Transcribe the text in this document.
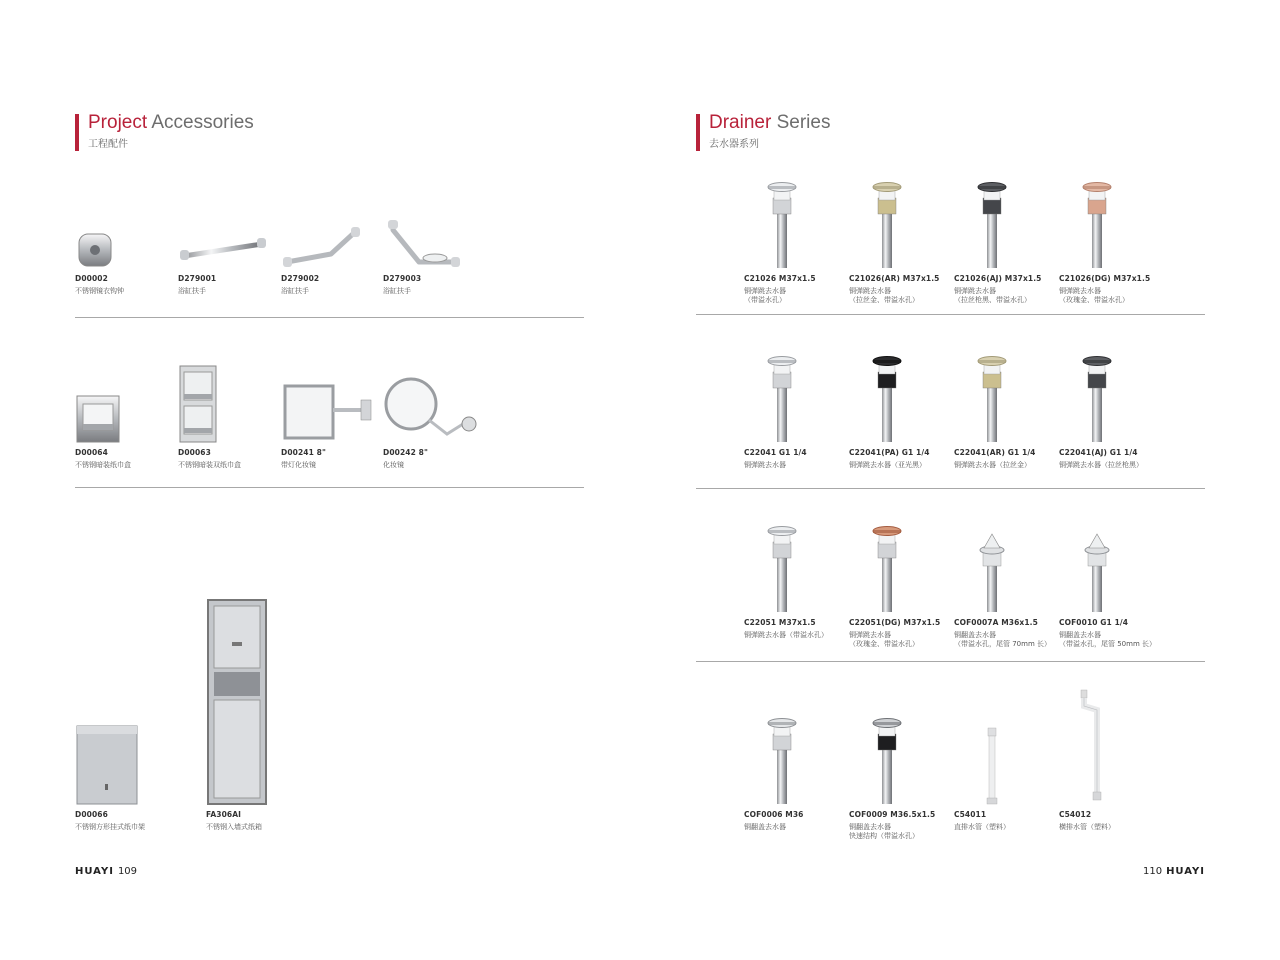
Project Accessories
工程配件
D00002
不锈钢镜衣钩钟
D279001
浴缸扶手
D279002
浴缸扶手
D279003
浴缸扶手
D00064
不锈钢暗装纸巾盒
D00063
不锈钢暗装双纸巾盒
D00241 8"
带灯化妆镜
D00242 8"
化妆镜
D00066
不锈钢方形挂式纸巾架
FA306AI
不锈钢入墙式纸箱
HUAYI 109
Drainer Series
去水器系列
C21026 M37x1.5
铜弹跳去水器
（带溢水孔）
C21026(AR) M37x1.5
铜弹跳去水器
（拉丝金、带溢水孔）
C21026(AJ) M37x1.5
铜弹跳去水器
（拉丝枪黑、带溢水孔）
C21026(DG) M37x1.5
铜弹跳去水器
（玫瑰金、带溢水孔）
C22041 G1 1/4
铜弹跳去水器
C22041(PA) G1 1/4
铜弹跳去水器（亚光黑）
C22041(AR) G1 1/4
铜弹跳去水器（拉丝金）
C22041(AJ) G1 1/4
铜弹跳去水器（拉丝枪黑）
C22051 M37x1.5
铜弹跳去水器（带溢水孔）
C22051(DG) M37x1.5
铜弹跳去水器
（玫瑰金、带溢水孔）
COF0007A M36x1.5
铜翻盖去水器
（带溢水孔，尾管 70mm 长）
COF0010 G1 1/4
铜翻盖去水器
（带溢水孔，尾管 50mm 长）
COF0006 M36
铜翻盖去水器
COF0009 M36.5x1.5
铜翻盖去水器
快速结构（带溢水孔）
C54011
直排水管（塑料）
C54012
横排水管（塑料）
110 HUAYI
